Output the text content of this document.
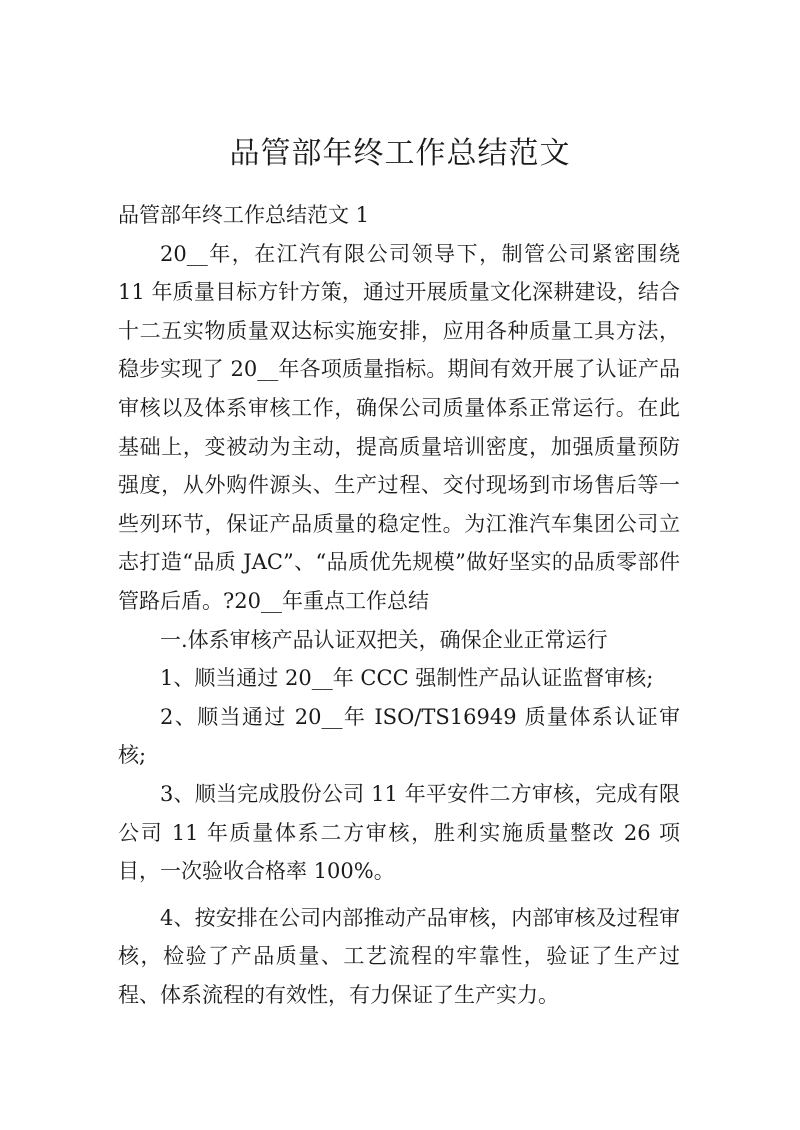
品管部年终工作总结范文

品管部年终工作总结范文 1

20__年，在江汽有限公司领导下，制管公司紧密围绕 11 年质量目标方针方策，通过开展质量文化深耕建设，结合十二五实物质量双达标实施安排，应用各种质量工具方法，稳步实现了 20__年各项质量指标。期间有效开展了认证产品审核以及体系审核工作，确保公司质量体系正常运行。在此基础上，变被动为主动，提高质量培训密度，加强质量预防强度，从外购件源头、生产过程、交付现场到市场售后等一些列环节，保证产品质量的稳定性。为江淮汽车集团公司立志打造“品质 JAC”、“品质优先规模”做好坚实的品质零部件管路后盾。?20__年重点工作总结

一.体系审核产品认证双把关，确保企业正常运行

1、顺当通过 20__年 CCC 强制性产品认证监督审核;

2、顺当通过 20__年 ISO/TS16949 质量体系认证审核;

3、顺当完成股份公司 11 年平安件二方审核，完成有限公司 11 年质量体系二方审核，胜利实施质量整改 26 项目，一次验收合格率 100%。

4、按安排在公司内部推动产品审核，内部审核及过程审核，检验了产品质量、工艺流程的牢靠性，验证了生产过程、体系流程的有效性，有力保证了生产实力。
